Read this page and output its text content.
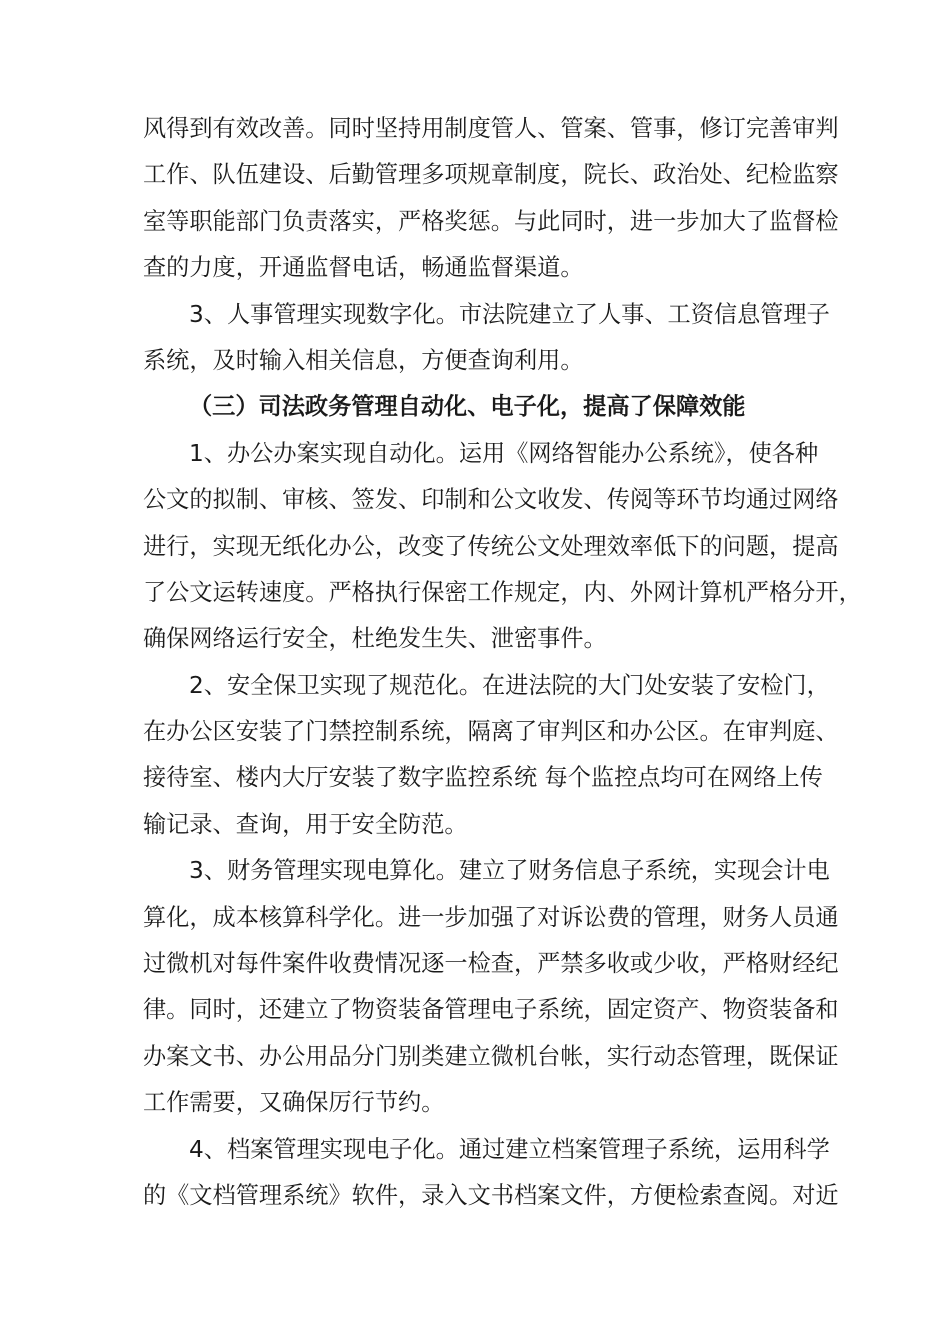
风得到有效改善。同时坚持用制度管人、管案、管事，修订完善审判
工作、队伍建设、后勤管理多项规章制度，院长、政治处、纪检监察
室等职能部门负责落实，严格奖惩。与此同时，进一步加大了监督检
查的力度，开通监督电话，畅通监督渠道。
3、人事管理实现数字化。市法院建立了人事、工资信息管理子
系统，及时输入相关信息，方便查询利用。
（三）司法政务管理自动化、电子化，提高了保障效能
1、办公办案实现自动化。运用《网络智能办公系统》，使各种
公文的拟制、审核、签发、印制和公文收发、传阅等环节均通过网络
进行，实现无纸化办公，改变了传统公文处理效率低下的问题，提高
了公文运转速度。严格执行保密工作规定，内、外网计算机严格分开，
确保网络运行安全，杜绝发生失、泄密事件。
2、安全保卫实现了规范化。在进法院的大门处安装了安检门，
在办公区安装了门禁控制系统，隔离了审判区和办公区。在审判庭、
接待室、楼内大厅安装了数字监控系统 每个监控点均可在网络上传
输记录、查询，用于安全防范。
3、财务管理实现电算化。建立了财务信息子系统，实现会计电
算化，成本核算科学化。进一步加强了对诉讼费的管理，财务人员通
过微机对每件案件收费情况逐一检查，严禁多收或少收，严格财经纪
律。同时，还建立了物资装备管理电子系统，固定资产、物资装备和
办案文书、办公用品分门别类建立微机台帐，实行动态管理，既保证
工作需要，又确保厉行节约。
4、档案管理实现电子化。通过建立档案管理子系统，运用科学
的《文档管理系统》软件，录入文书档案文件，方便检索查阅。对近
